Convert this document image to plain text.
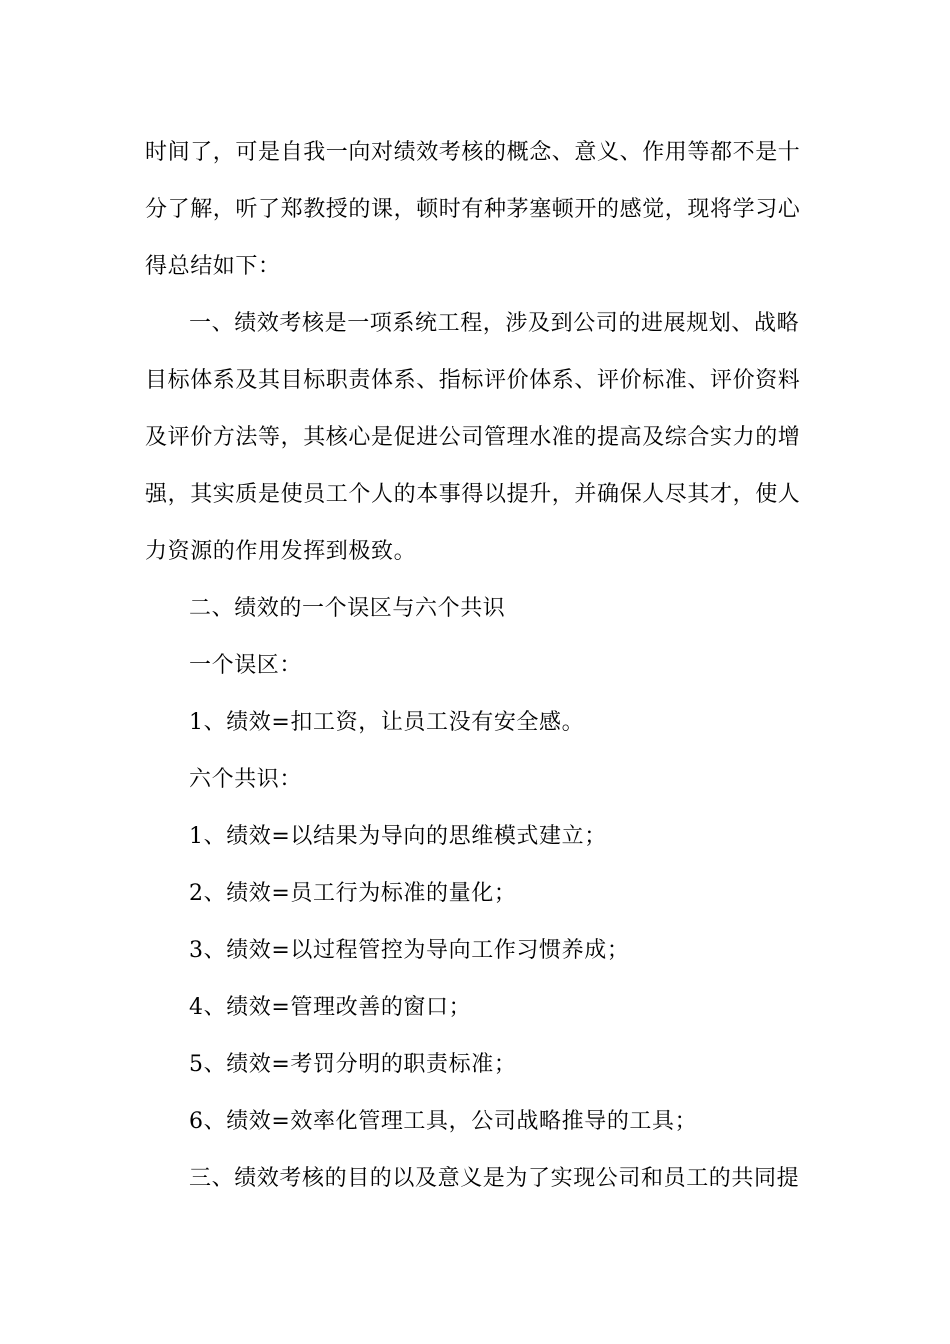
时间了，可是自我一向对绩效考核的概念、意义、作用等都不是十
分了解，听了郑教授的课，顿时有种茅塞顿开的感觉，现将学习心
得总结如下：
一、绩效考核是一项系统工程，涉及到公司的进展规划、战略
目标体系及其目标职责体系、指标评价体系、评价标准、评价资料
及评价方法等，其核心是促进公司管理水准的提高及综合实力的增
强，其实质是使员工个人的本事得以提升，并确保人尽其才，使人
力资源的作用发挥到极致。
二、绩效的一个误区与六个共识
一个误区：
1、绩效=扣工资，让员工没有安全感。
六个共识：
1、绩效=以结果为导向的思维模式建立；
2、绩效=员工行为标准的量化；
3、绩效=以过程管控为导向工作习惯养成；
4、绩效=管理改善的窗口；
5、绩效=考罚分明的职责标准；
6、绩效=效率化管理工具，公司战略推导的工具；
三、绩效考核的目的以及意义是为了实现公司和员工的共同提
